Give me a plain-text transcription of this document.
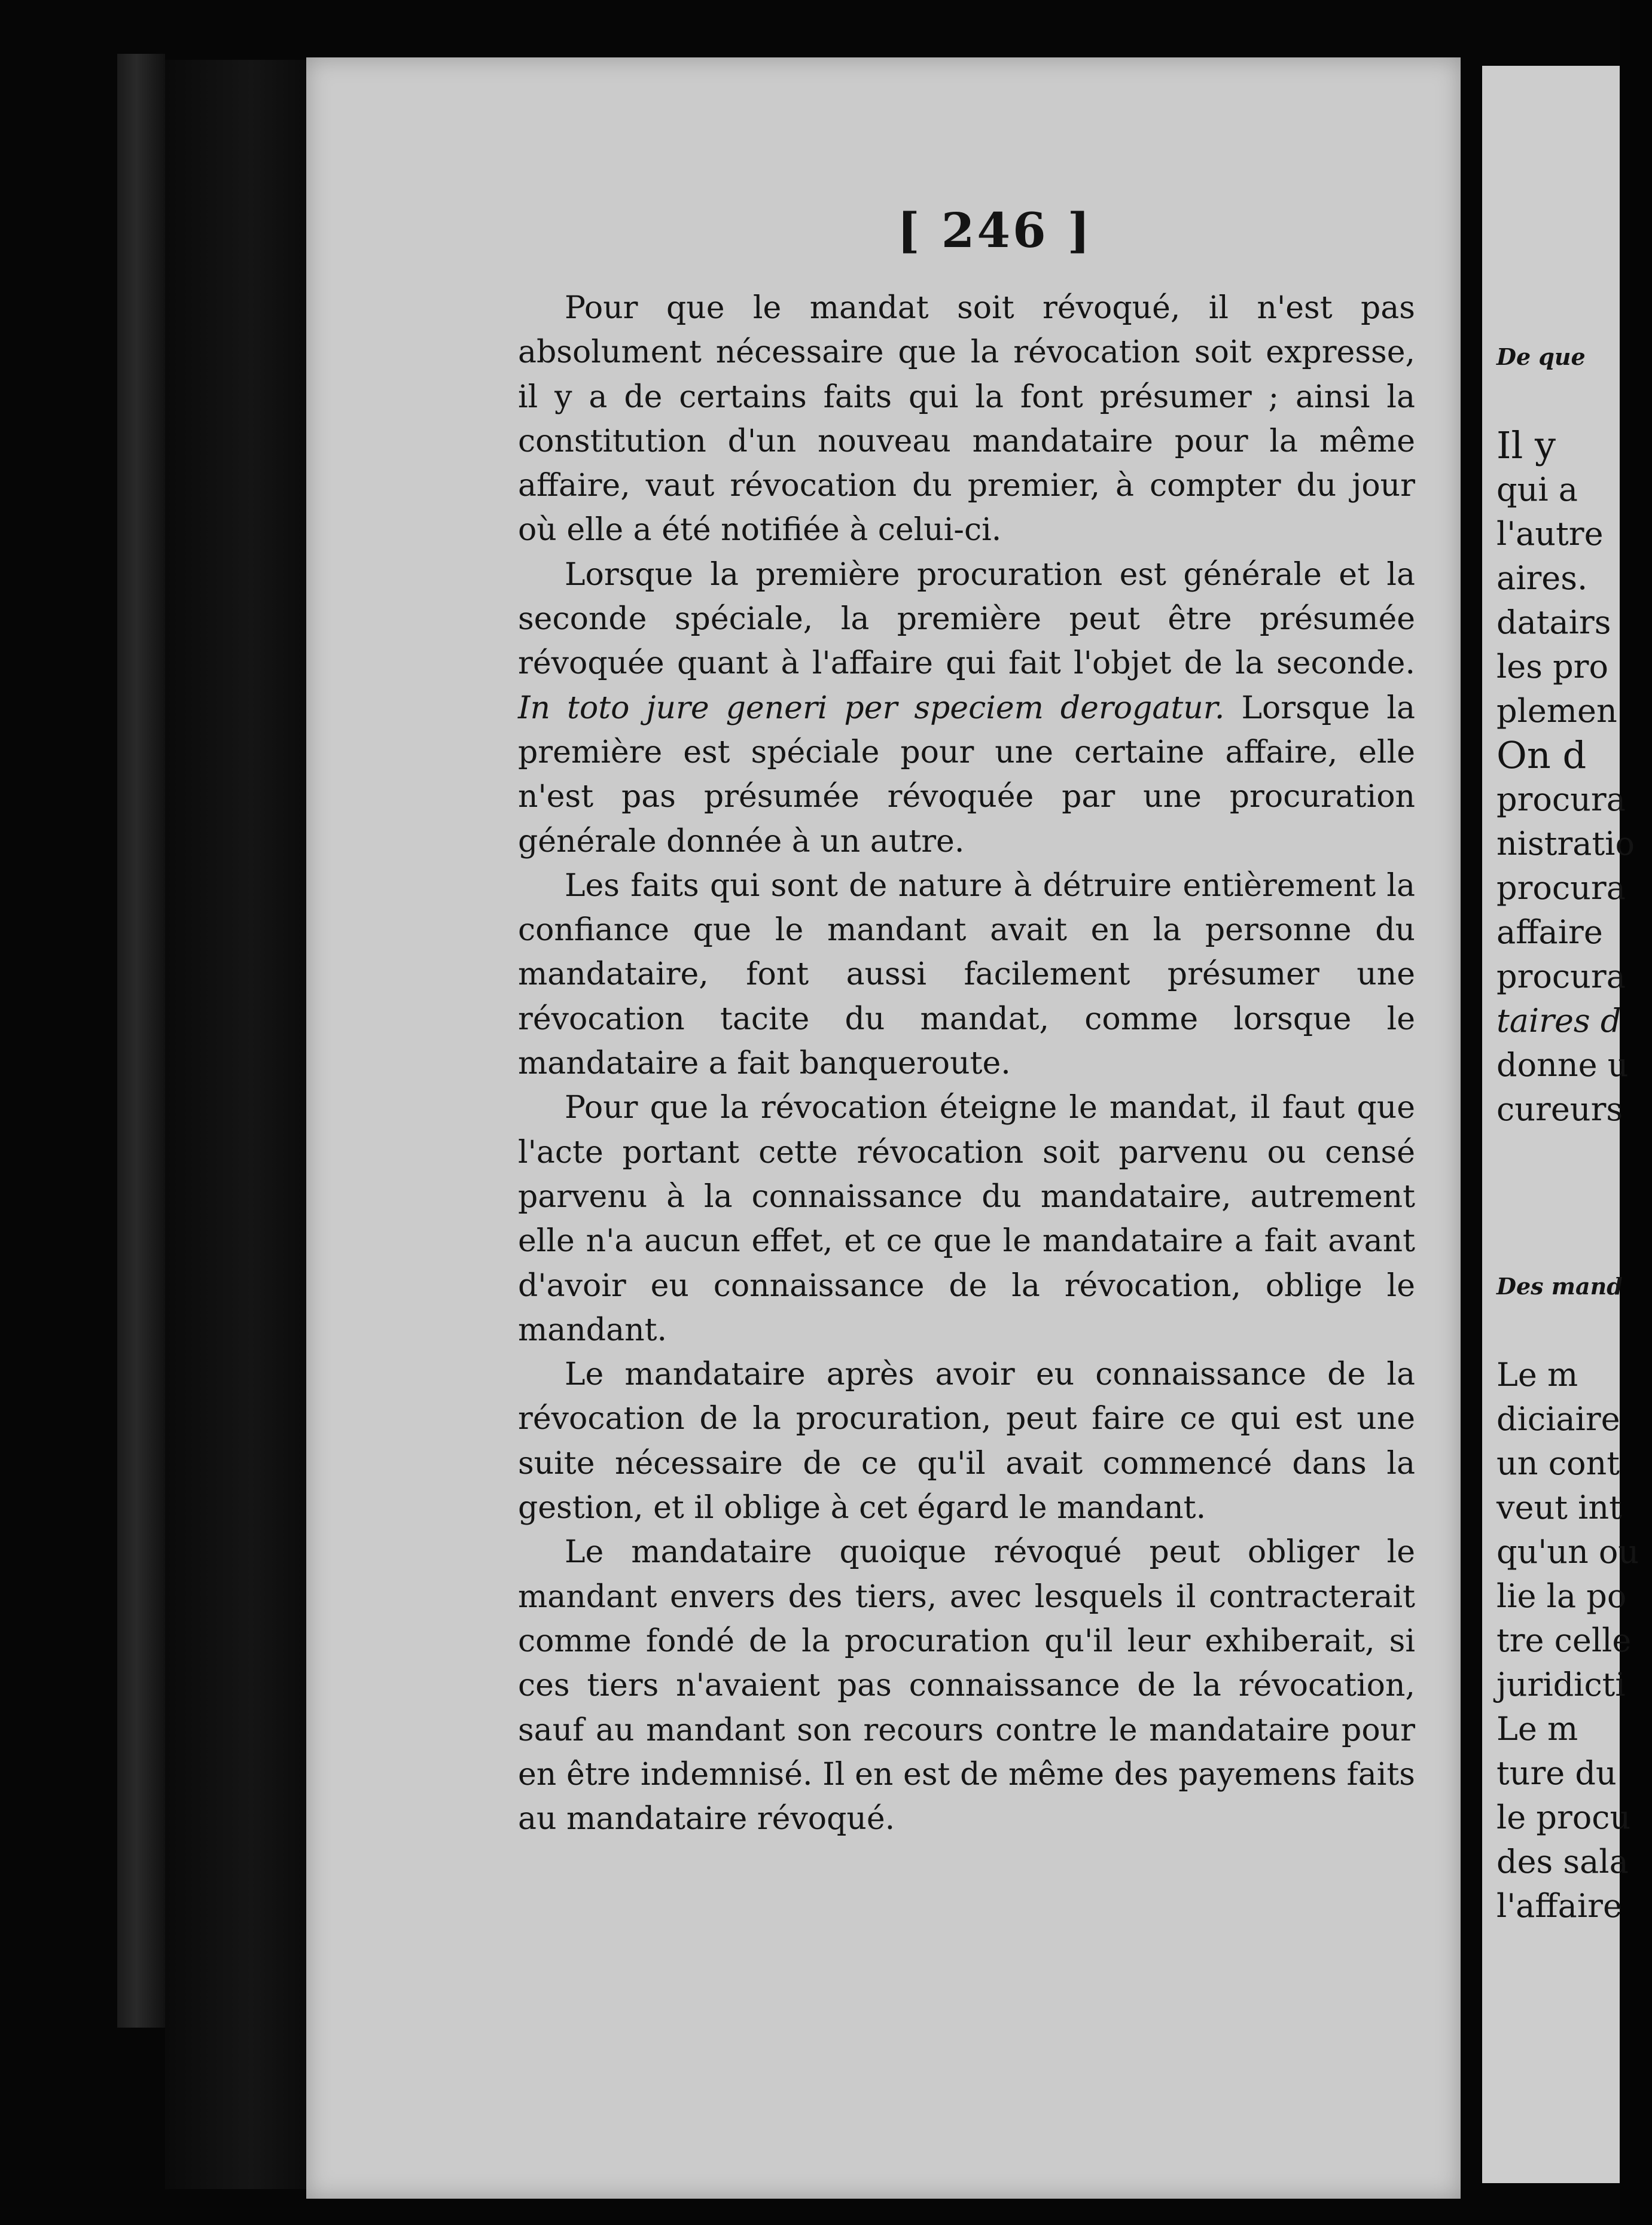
[ 246 ]

Pour que le mandat soit révoqué, il n'est pas absolument nécessaire que la révocation soit expresse, il y a de certains faits qui la font présumer ; ainsi la constitution d'un nouveau mandataire pour la même affaire, vaut révocation du premier, à compter du jour où elle a été notifiée à celui-ci.

Lorsque la première procuration est générale et la seconde spéciale, la première peut être présumée révoquée quant à l'affaire qui fait l'objet de la seconde. In toto jure generi per speciem derogatur. Lorsque la première est spéciale pour une certaine affaire, elle n'est pas présumée révoquée par une procuration générale donnée à un autre.

Les faits qui sont de nature à détruire entièrement la confiance que le mandant avait en la personne du mandataire, font aussi facilement présumer une révocation tacite du mandat, comme lorsque le mandataire a fait banqueroute.

Pour que la révocation éteigne le mandat, il faut que l'acte portant cette révocation soit parvenu ou censé parvenu à la connaissance du mandataire, autrement elle n'a aucun effet, et ce que le mandataire a fait avant d'avoir eu connaissance de la révocation, oblige le mandant.

Le mandataire après avoir eu connaissance de la révocation de la procuration, peut faire ce qui est une suite nécessaire de ce qu'il avait commencé dans la gestion, et il oblige à cet égard le mandant.

Le mandataire quoique révoqué peut obliger le mandant envers des tiers, avec lesquels il contracterait comme fondé de la procuration qu'il leur exhiberait, si ces tiers n'avaient pas connaissance de la révocation, sauf au mandant son recours contre le mandataire pour en être indemnisé. Il en est de même des payemens faits au mandataire révoqué.

De que
Il y
qui a
l'autre
aires.
datairs
les pro
plemen
On d
procura
nistratio
procura
affaire
procura
taires d
donne u
cureurs
Des mand
Le m
diciaire
un cont
veut int
qu'un ou
lie la po
tre celle
juridicti
Le m
ture du
le procu
des sala
l'affaire
